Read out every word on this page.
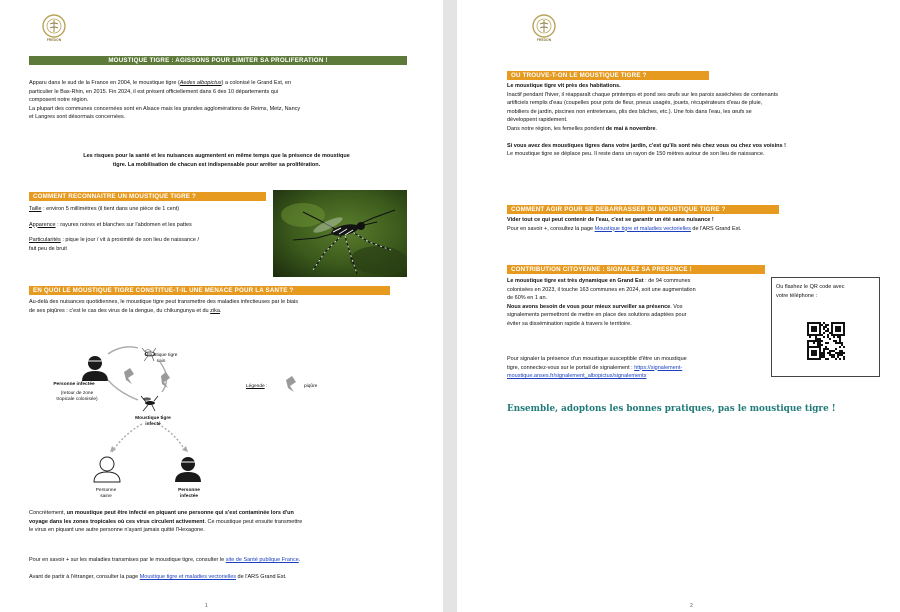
FREDON
MOUSTIQUE TIGRE : AGISSONS POUR LIMITER SA PROLIFERATION !
Apparu dans le sud de la France en 2004, le moustique tigre (Aedes albopictus) a colonisé le Grand Est, en
particulier le Bas-Rhin, en 2015. Fin 2024, il est présent officiellement dans 6 des 10 départements qui
composent notre région.
La plupart des communes concernées sont en Alsace mais les grandes agglomérations de Reims, Metz, Nancy
et Langres sont désormais concernées.
Les risques pour la santé et les nuisances augmentent en même temps que la présence de moustique
tigre. La mobilisation de chacun est indispensable pour arrêter sa prolifération.
COMMENT RECONNAITRE UN MOUSTIQUE TIGRE ?
Taille : environ 5 millimètres (il tient dans une pièce de 1 cent)
Apparence : rayures noires et blanches sur l'abdomen et les pattes
Particularités : pique le jour / vit à proximité de son lieu de naissance /
fait peu de bruit
EN QUOI LE MOUSTIQUE TIGRE CONSTITUE-T-IL UNE MENACE POUR LA SANTE ?
Au-delà des nuisances quotidiennes, le moustique tigre peut transmettre des maladies infectieuses par le biais
de ses piqûres : c'est le cas des virus de la dengue, du chikungunya et du zika.
Moustique tigre
sain
Personne infectée
(retour de zone
tropicale colonisée)
Moustique tigre
infecté
Personne
saine
Personne
infectée
Légende :	piqûre
Concrètement, un moustique peut être infecté en piquant une personne qui s'est contaminée lors d'un
voyage dans les zones tropicales où ces virus circulent activement. Ce moustique peut ensuite transmettre
le virus en piquant une autre personne n'ayant jamais quitté l'Hexagone.
Pour en savoir + sur les maladies transmises par le moustique tigre, consulter le site de Santé publique France.
Avant de partir à l'étranger, consulter la page Moustique tigre et maladies vectorielles de l'ARS Grand Est.
1
FREDON
OU TROUVE-T-ON LE MOUSTIQUE TIGRE ?
Le moustique tigre vit près des habitations.
Inactif pendant l'hiver, il réapparaît chaque printemps et pond ses œufs sur les parois asséchées de contenants
artificiels remplis d'eau (coupelles pour pots de fleur, pneus usagés, jouets, récupérateurs d'eau de pluie,
mobiliers de jardin, piscines non entretenues, plis des bâches, etc.). Une fois dans l'eau, les œufs se
développent rapidement.
Dans notre région, les femelles pondent de mai à novembre.
Si vous avez des moustiques tigres dans votre jardin, c'est qu'ils sont nés chez vous ou chez vos voisins !
Le moustique tigre se déplace peu. Il reste dans un rayon de 150 mètres autour de son lieu de naissance.
COMMENT AGIR POUR SE DEBARRASSER DU MOUSTIQUE TIGRE ?
Vider tout ce qui peut contenir de l'eau, c'est se garantir un été sans nuisance !
Pour en savoir +, consultez la page Moustique tigre et maladies vectorielles de l'ARS Grand Est.
CONTRIBUTION CITOYENNE : SIGNALEZ SA PRESENCE !
Le moustique tigre est très dynamique en Grand Est : de 94 communes
colonisées en 2023, il touche 163 communes en 2024, soit une augmentation
de 60% en 1 an.
Nous avons besoin de vous pour mieux surveiller sa présence. Vos
signalements permettront de mettre en place des solutions adaptées pour
éviter sa dissémination rapide à travers le territoire.
Pour signaler la présence d'un moustique susceptible d'être un moustique
tigre, connectez-vous sur le portail de signalement : https://signalement-
moustique.anses.fr/signalement_albopictus/signalements
Ou flashez le QR code avec
votre téléphone :
Ensemble, adoptons les bonnes pratiques, pas le moustique tigre !
2
